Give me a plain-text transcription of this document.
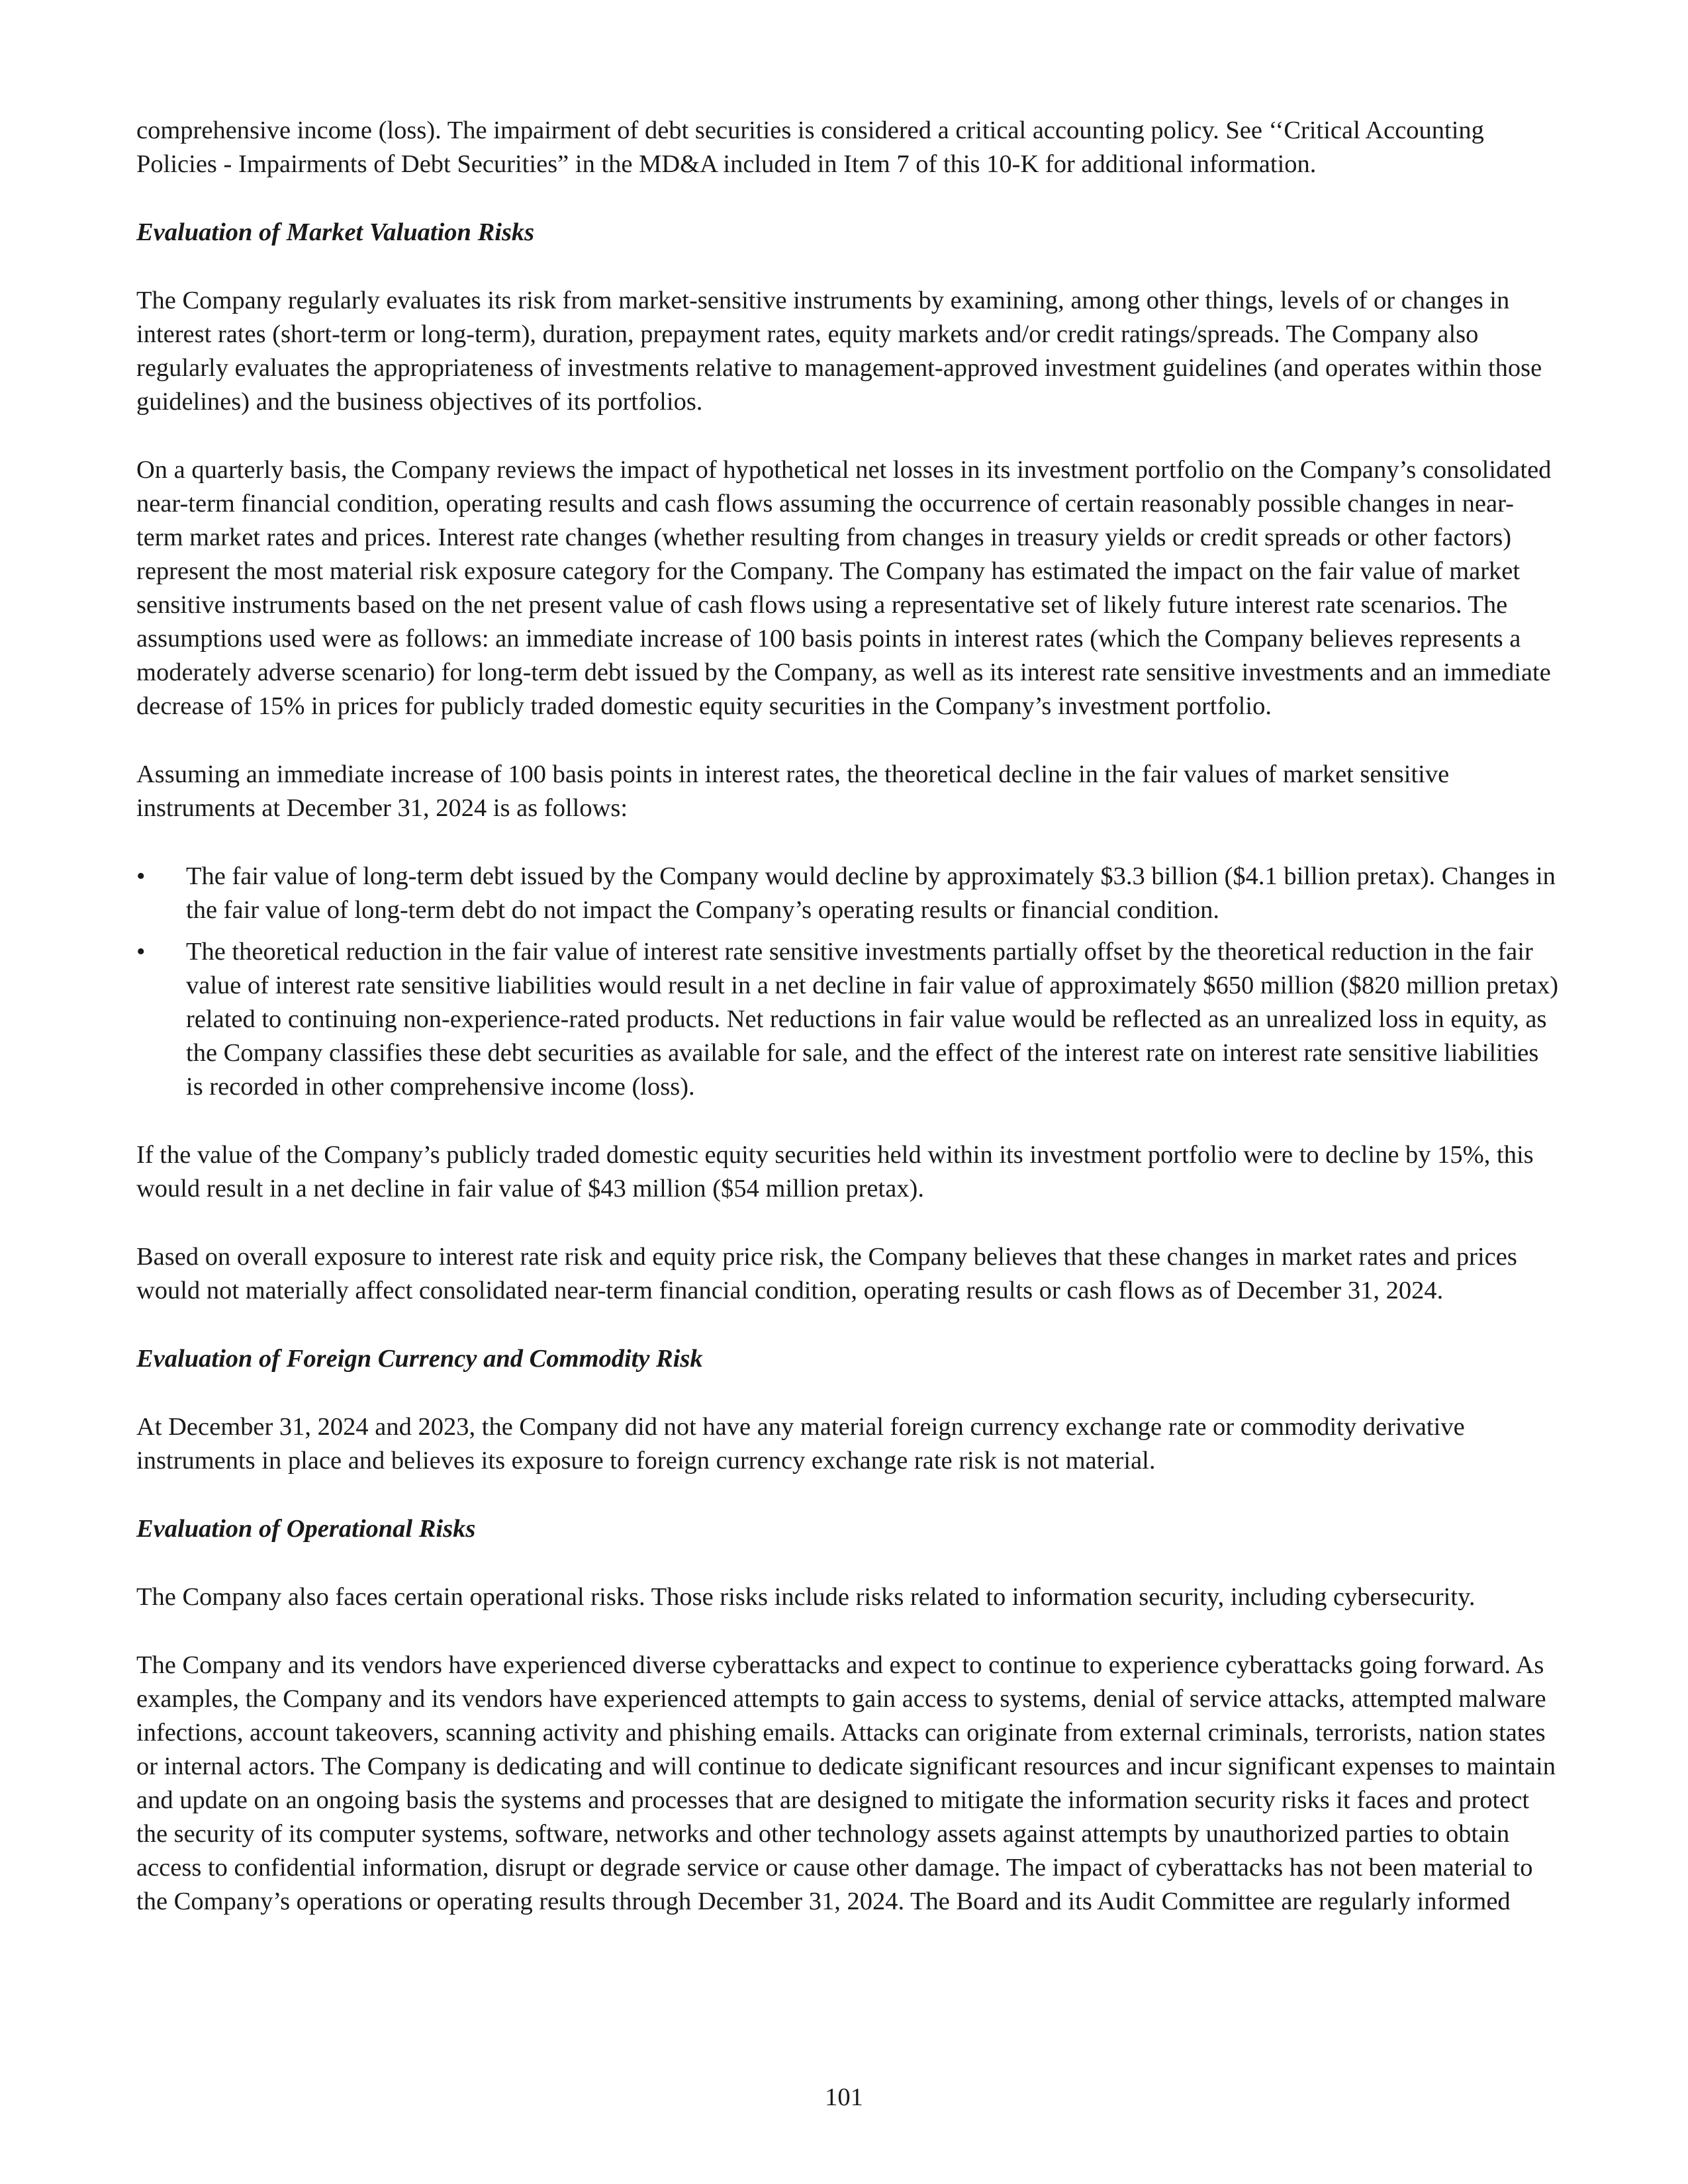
comprehensive income (loss). The impairment of debt securities is considered a critical accounting policy. See ‘‘Critical Accounting Policies - Impairments of Debt Securities” in the MD&A included in Item 7 of this 10-K for additional information.

Evaluation of Market Valuation Risks

The Company regularly evaluates its risk from market-sensitive instruments by examining, among other things, levels of or changes in interest rates (short-term or long-term), duration, prepayment rates, equity markets and/or credit ratings/spreads. The Company also regularly evaluates the appropriateness of investments relative to management-approved investment guidelines (and operates within those guidelines) and the business objectives of its portfolios.

On a quarterly basis, the Company reviews the impact of hypothetical net losses in its investment portfolio on the Company’s consolidated near-term financial condition, operating results and cash flows assuming the occurrence of certain reasonably possible changes in near-term market rates and prices. Interest rate changes (whether resulting from changes in treasury yields or credit spreads or other factors) represent the most material risk exposure category for the Company. The Company has estimated the impact on the fair value of market sensitive instruments based on the net present value of cash flows using a representative set of likely future interest rate scenarios. The assumptions used were as follows: an immediate increase of 100 basis points in interest rates (which the Company believes represents a moderately adverse scenario) for long-term debt issued by the Company, as well as its interest rate sensitive investments and an immediate decrease of 15% in prices for publicly traded domestic equity securities in the Company’s investment portfolio.

Assuming an immediate increase of 100 basis points in interest rates, the theoretical decline in the fair values of market sensitive instruments at December 31, 2024 is as follows:

• The fair value of long-term debt issued by the Company would decline by approximately $3.3 billion ($4.1 billion pretax). Changes in the fair value of long-term debt do not impact the Company’s operating results or financial condition.
• The theoretical reduction in the fair value of interest rate sensitive investments partially offset by the theoretical reduction in the fair value of interest rate sensitive liabilities would result in a net decline in fair value of approximately $650 million ($820 million pretax) related to continuing non-experience-rated products. Net reductions in fair value would be reflected as an unrealized loss in equity, as the Company classifies these debt securities as available for sale, and the effect of the interest rate on interest rate sensitive liabilities is recorded in other comprehensive income (loss).

If the value of the Company’s publicly traded domestic equity securities held within its investment portfolio were to decline by 15%, this would result in a net decline in fair value of $43 million ($54 million pretax).

Based on overall exposure to interest rate risk and equity price risk, the Company believes that these changes in market rates and prices would not materially affect consolidated near-term financial condition, operating results or cash flows as of December 31, 2024.

Evaluation of Foreign Currency and Commodity Risk

At December 31, 2024 and 2023, the Company did not have any material foreign currency exchange rate or commodity derivative instruments in place and believes its exposure to foreign currency exchange rate risk is not material.

Evaluation of Operational Risks

The Company also faces certain operational risks. Those risks include risks related to information security, including cybersecurity.

The Company and its vendors have experienced diverse cyberattacks and expect to continue to experience cyberattacks going forward. As examples, the Company and its vendors have experienced attempts to gain access to systems, denial of service attacks, attempted malware infections, account takeovers, scanning activity and phishing emails. Attacks can originate from external criminals, terrorists, nation states or internal actors. The Company is dedicating and will continue to dedicate significant resources and incur significant expenses to maintain and update on an ongoing basis the systems and processes that are designed to mitigate the information security risks it faces and protect the security of its computer systems, software, networks and other technology assets against attempts by unauthorized parties to obtain access to confidential information, disrupt or degrade service or cause other damage. The impact of cyberattacks has not been material to the Company’s operations or operating results through December 31, 2024. The Board and its Audit Committee are regularly informed

101
